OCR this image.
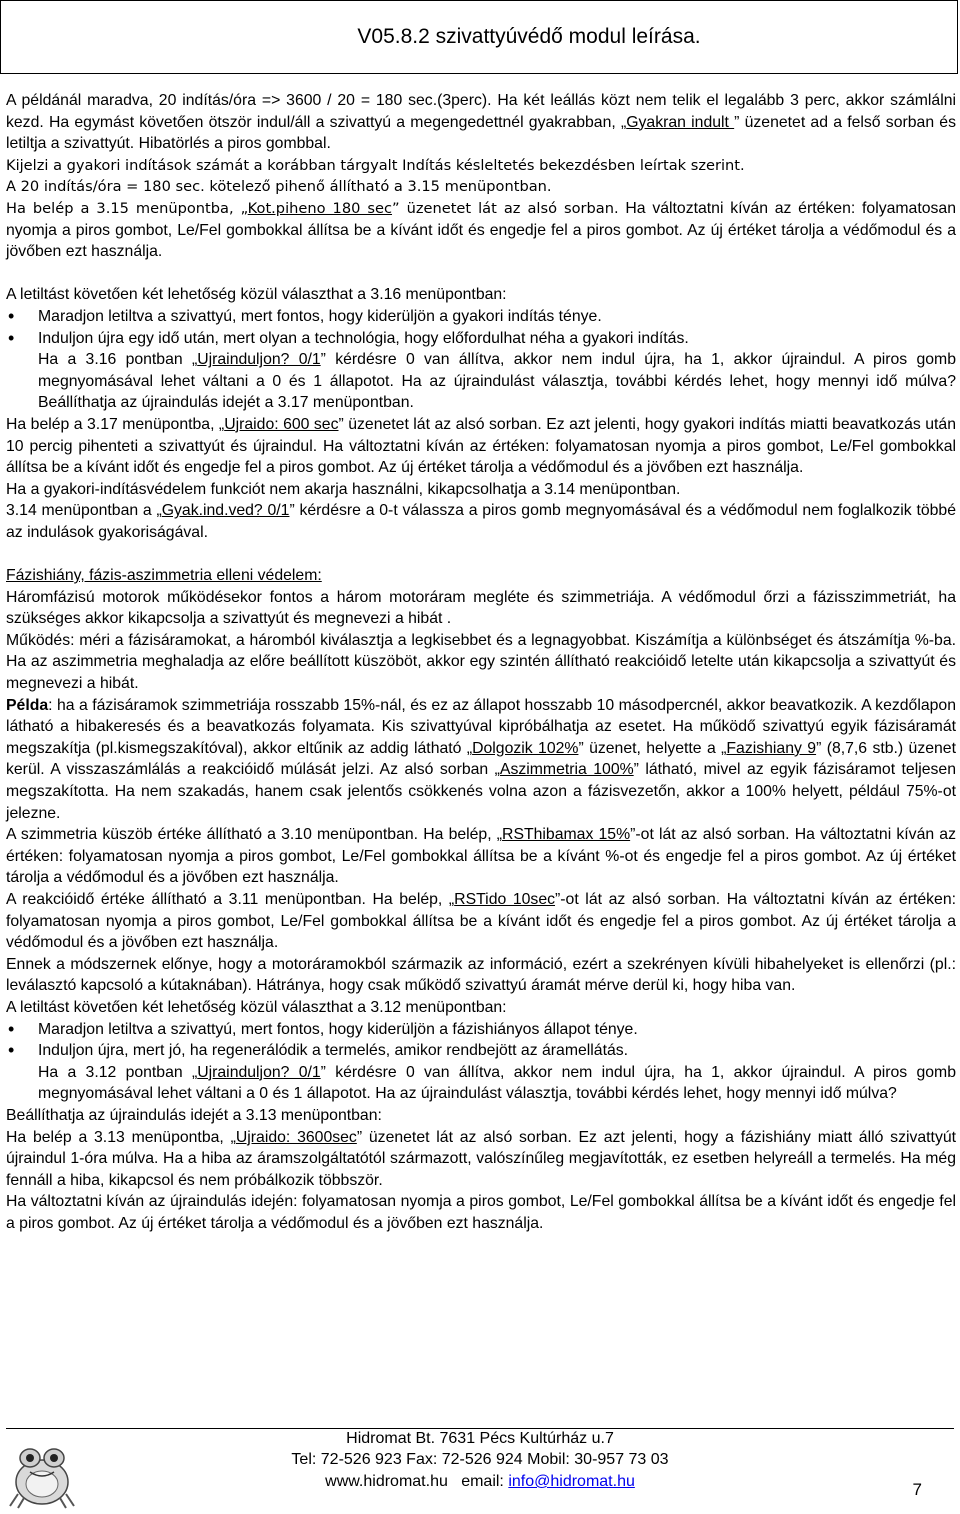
V05.8.2 szivattyúvédő modul leírása.

A példánál maradva, 20 indítás/óra => 3600 / 20 = 180 sec.(3perc). Ha két leállás közt nem telik el legalább 3 perc, akkor számlálni kezd. Ha egymást követően ötször indul/áll a szivattyú a megengedettnél gyakrabban, „Gyakran indult ” üzenetet ad a felső sorban és letiltja a szivattyút. Hibatörlés a piros gombbal.

Kijelzi a gyakori indítások számát a korábban tárgyalt Indítás késleltetés bekezdésben leírtak szerint.

A 20 indítás/óra = 180 sec. kötelező pihenő állítható a 3.15 menüpontban.

Ha belép a 3.15 menüpontba, „Kot.piheno 180 sec” üzenetet lát az alsó sorban. Ha változtatni kíván az értéken: folyamatosan nyomja a piros gombot, Le/Fel gombokkal állítsa be a kívánt időt és engedje fel a piros gombot. Az új értéket tárolja a védőmodul és a jövőben ezt használja.

A letiltást követően két lehetőség közül választhat a 3.16 menüpontban:

• Maradjon letiltva a szivattyú, mert fontos, hogy kiderüljön a gyakori indítás ténye.
• Induljon újra egy idő után, mert olyan a technológia, hogy előfordulhat néha a gyakori indítás.

Ha a 3.16 pontban „Ujrainduljon? 0/1” kérdésre 0 van állítva, akkor nem indul újra, ha 1, akkor újraindul. A piros gomb megnyomásával lehet váltani a 0 és 1 állapotot. Ha az újraindulást választja, további kérdés lehet, hogy mennyi idő múlva? Beállíthatja az újraindulás idejét a 3.17 menüpontban.

Ha belép a 3.17 menüpontba, „Ujraido: 600 sec” üzenetet lát az alsó sorban. Ez azt jelenti, hogy gyakori indítás miatti beavatkozás után 10 percig pihenteti a szivattyút és újraindul. Ha változtatni kíván az értéken: folyamatosan nyomja a piros gombot, Le/Fel gombokkal állítsa be a kívánt időt és engedje fel a piros gombot. Az új értéket tárolja a védőmodul és a jövőben ezt használja.

Ha a gyakori-indításvédelem funkciót nem akarja használni, kikapcsolhatja a 3.14 menüpontban.

3.14 menüpontban a „Gyak.ind.ved? 0/1” kérdésre a 0-t válassza a piros gomb megnyomásával és a védőmodul nem foglalkozik többé az indulások gyakoriságával.

Fázishiány, fázis-aszimmetria elleni védelem:

Háromfázisú motorok működésekor fontos a három motoráram megléte és szimmetriája. A védőmodul őrzi a fázisszimmetriát, ha szükséges akkor kikapcsolja a szivattyút és megnevezi a hibát .

Működés: méri a fázisáramokat, a háromból kiválasztja a legkisebbet és a legnagyobbat. Kiszámítja a különbséget és átszámítja %-ba. Ha az aszimmetria meghaladja az előre beállított küszöböt, akkor egy szintén állítható reakcióidő letelte után kikapcsolja a szivattyút és megnevezi a hibát.

Példa: ha a fázisáramok szimmetriája rosszabb 15%-nál, és ez az állapot hosszabb 10 másodpercnél, akkor beavatkozik. A kezdőlapon látható a hibakeresés és a beavatkozás folyamata. Kis szivattyúval kipróbálhatja az esetet. Ha működő szivattyú egyik fázisáramát megszakítja (pl.kismegszakítóval), akkor eltűnik az addig látható „Dolgozik 102%” üzenet, helyette a „Fazishiany 9” (8,7,6 stb.) üzenet kerül. A visszaszámlálás a reakcióidő múlását jelzi. Az alsó sorban „Aszimmetria 100%” látható, mivel az egyik fázisáramot teljesen megszakította. Ha nem szakadás, hanem csak jelentős csökkenés volna azon a fázisvezetőn, akkor a 100% helyett, például 75%-ot jelezne.

A szimmetria küszöb értéke állítható a 3.10 menüpontban. Ha belép, „RSThibamax 15%”-ot lát az alsó sorban. Ha változtatni kíván az értéken: folyamatosan nyomja a piros gombot, Le/Fel gombokkal állítsa be a kívánt %-ot és engedje fel a piros gombot. Az új értéket tárolja a védőmodul és a jövőben ezt használja.

A reakcióidő értéke állítható a 3.11 menüpontban. Ha belép, „RSTido 10sec”-ot lát az alsó sorban. Ha változtatni kíván az értéken: folyamatosan nyomja a piros gombot, Le/Fel gombokkal állítsa be a kívánt időt és engedje fel a piros gombot. Az új értéket tárolja a védőmodul és a jövőben ezt használja.

Ennek a módszernek előnye, hogy a motoráramokból származik az információ, ezért a szekrényen kívüli hibahelyeket is ellenőrzi (pl.: leválasztó kapcsoló a kútaknában). Hátránya, hogy csak működő szivattyú áramát mérve derül ki, hogy hiba van.

A letiltást követően két lehetőség közül választhat a 3.12 menüpontban:

• Maradjon letiltva a szivattyú, mert fontos, hogy kiderüljön a fázishiányos állapot ténye.
• Induljon újra, mert jó, ha regenerálódik a termelés, amikor rendbejött az áramellátás.

Ha a 3.12 pontban „Ujrainduljon? 0/1” kérdésre 0 van állítva, akkor nem indul újra, ha 1, akkor újraindul. A piros gomb megnyomásával lehet váltani a 0 és 1 állapotot. Ha az újraindulást választja, további kérdés lehet, hogy mennyi idő múlva?

Beállíthatja az újraindulás idejét a 3.13 menüpontban:

Ha belép a 3.13 menüpontba, „Ujraido: 3600sec” üzenetet lát az alsó sorban. Ez azt jelenti, hogy a fázishiány miatt álló szivattyút újraindul 1-óra múlva. Ha a hiba az áramszolgáltatótól származott, valószínűleg megjavították, ez esetben helyreáll a termelés. Ha még fennáll a hiba, kikapcsol és nem próbálkozik többször.

Ha változtatni kíván az újraindulás idején: folyamatosan nyomja a piros gombot, Le/Fel gombokkal állítsa be a kívánt időt és engedje fel a piros gombot. Az új értéket tárolja a védőmodul és a jövőben ezt használja.

Hidromat Bt. 7631 Pécs Kultúrház u.7
Tel: 72-526 923 Fax: 72-526 924 Mobil: 30-957 73 03
www.hidromat.hu   email: info@hidromat.hu	7
